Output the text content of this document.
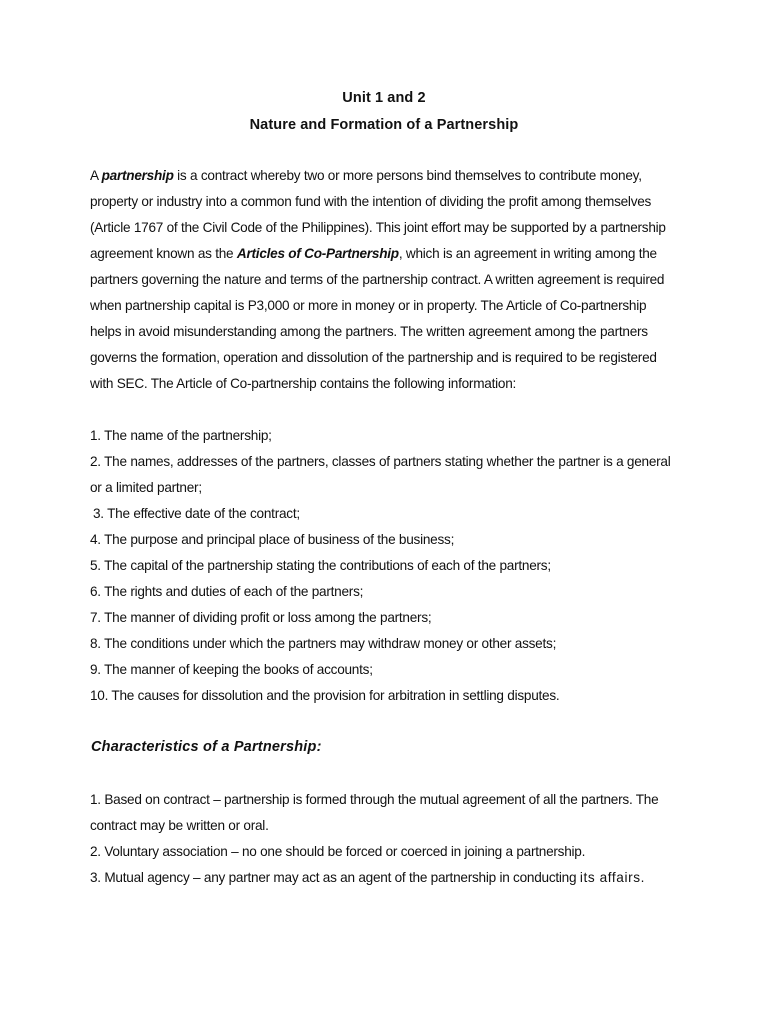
Unit 1 and 2
Nature and Formation of a Partnership
A partnership is a contract whereby two or more persons bind themselves to contribute money,
property or industry into a common fund with the intention of dividing the profit among themselves
(Article 1767 of the Civil Code of the Philippines). This joint effort may be supported by a partnership
agreement known as the Articles of Co-Partnership, which is an agreement in writing among the
partners governing the nature and terms of the partnership contract. A written agreement is required
when partnership capital is P3,000 or more in money or in property. The Article of Co-partnership
helps in avoid misunderstanding among the partners. The written agreement among the partners
governs the formation, operation and dissolution of the partnership and is required to be registered
with SEC. The Article of Co-partnership contains the following information:
1. The name of the partnership;
2. The names, addresses of the partners, classes of partners stating whether the partner is a general
or a limited partner;
3. The effective date of the contract;
4. The purpose and principal place of business of the business;
5. The capital of the partnership stating the contributions of each of the partners;
6. The rights and duties of each of the partners;
7. The manner of dividing profit or loss among the partners;
8. The conditions under which the partners may withdraw money or other assets;
9. The manner of keeping the books of accounts;
10. The causes for dissolution and the provision for arbitration in settling disputes.
Characteristics of a Partnership:
1. Based on contract – partnership is formed through the mutual agreement of all the partners. The
contract may be written or oral.
2. Voluntary association – no one should be forced or coerced in joining a partnership.
3. Mutual agency – any partner may act as an agent of the partnership in conducting its affairs.
